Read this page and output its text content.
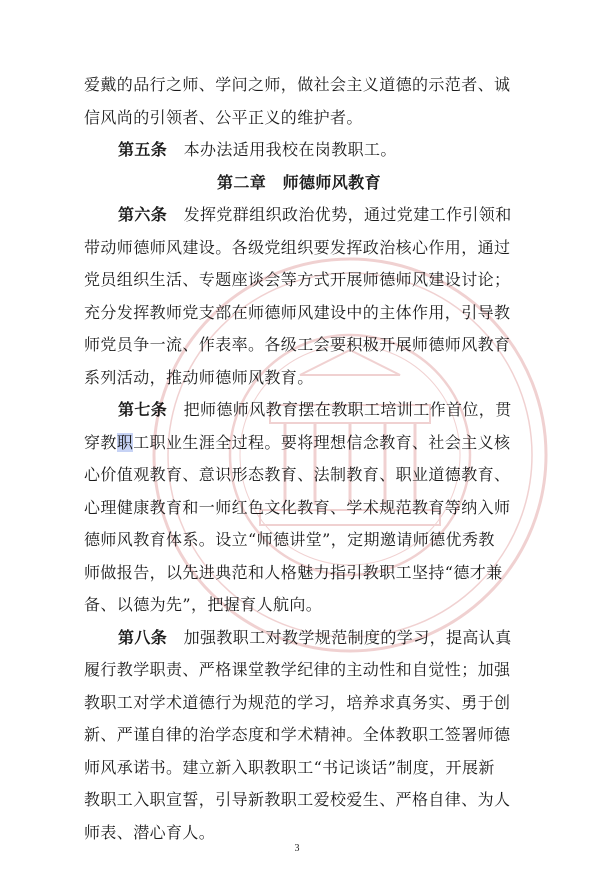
爱戴的品行之师、学问之师，做社会主义道德的示范者、诚
信风尚的引领者、公平正义的维护者。
第五条　 本办法适用我校在岗教职工。
第二章　师德师风教育
第六条　 发挥党群组织政治优势，通过党建工作引领和
带动师德师风建设。各级党组织要发挥政治核心作用，通过
党员组织生活、专题座谈会等方式开展师德师风建设讨论；
充分发挥教师党支部在师德师风建设中的主体作用，引导教
师党员争一流、作表率。各级工会要积极开展师德师风教育
系列活动，推动师德师风教育。
第七条　 把师德师风教育摆在教职工培训工作首位，贯
穿教职工职业生涯全过程。要将理想信念教育、社会主义核
心价值观教育、意识形态教育、法制教育、职业道德教育、
心理健康教育和一师红色文化教育、学术规范教育等纳入师
德师风教育体系。设立“师德讲堂”，定期邀请师德优秀教
师做报告，以先进典范和人格魅力指引教职工坚持“德才兼
备、以德为先”，把握育人航向。
第八条　 加强教职工对教学规范制度的学习，提高认真
履行教学职责、严格课堂教学纪律的主动性和自觉性；加强
教职工对学术道德行为规范的学习，培养求真务实、勇于创
新、严谨自律的治学态度和学术精神。全体教职工签署师德
师风承诺书。建立新入职教职工“书记谈话”制度，开展新
教职工入职宣誓，引导新教职工爱校爱生、严格自律、为人
师表、潜心育人。
3
